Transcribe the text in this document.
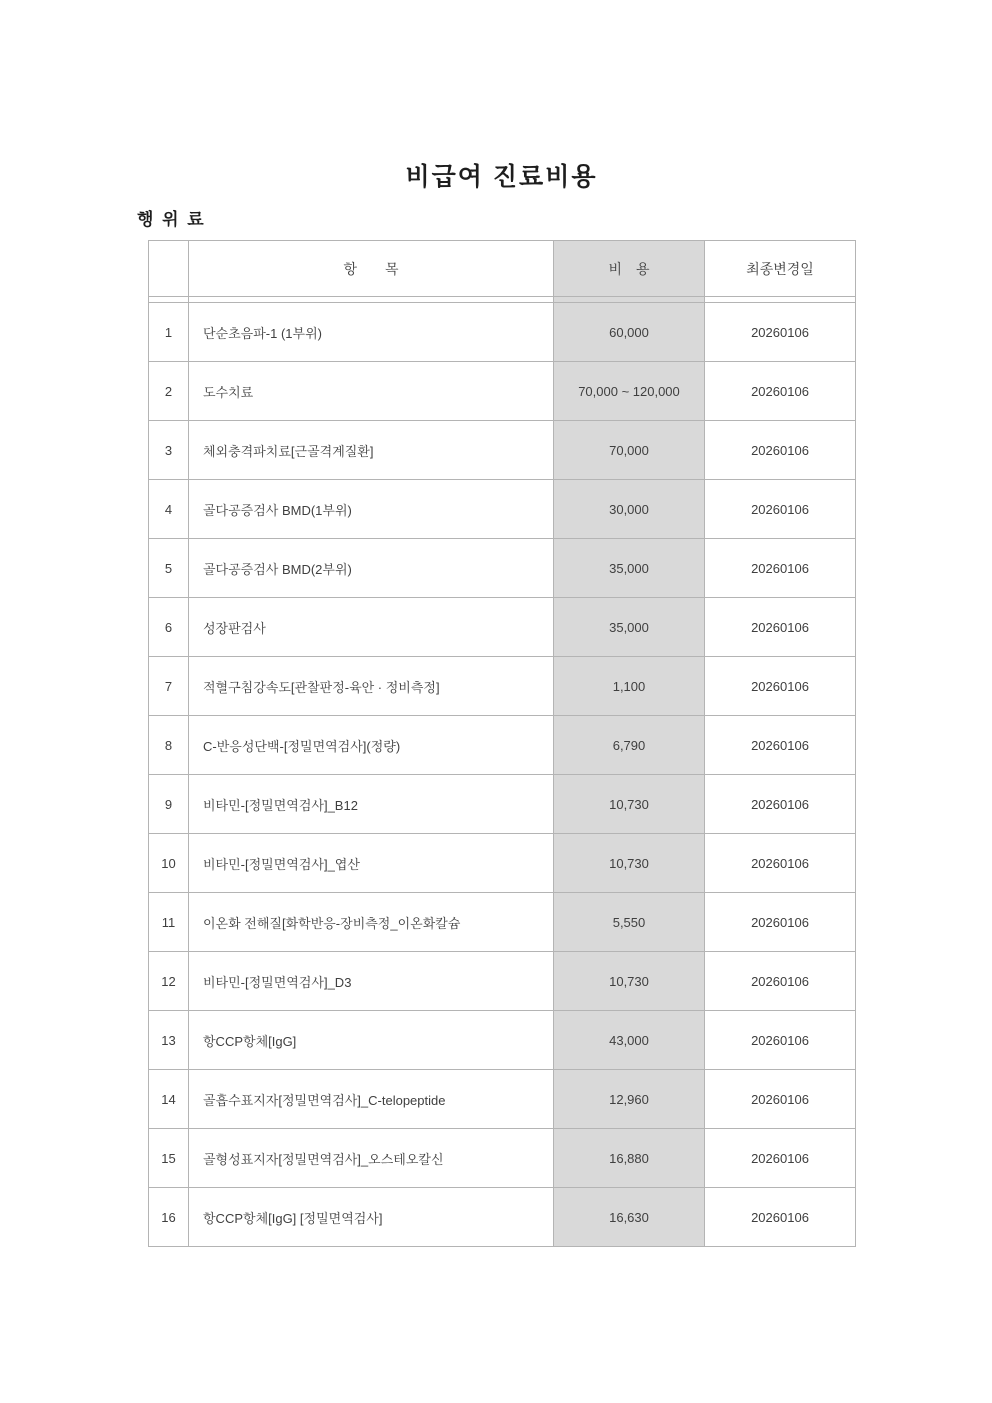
비급여 진료비용
행 위 료
	항　　목	비　용	최종변경일

1	단순초음파-1 (1부위)	60,000	20260106
2	도수치료	70,000 ~ 120,000	20260106
3	체외충격파치료[근골격계질환]	70,000	20260106
4	골다공증검사 BMD(1부위)	30,000	20260106
5	골다공증검사 BMD(2부위)	35,000	20260106
6	성장판검사	35,000	20260106
7	적혈구침강속도[관찰판정-육안 · 정비측정]	1,100	20260106
8	C-반응성단백-[정밀면역검사](정량)	6,790	20260106
9	비타민-[정밀면역검사]_B12	10,730	20260106
10	비타민-[정밀면역검사]_엽산	10,730	20260106
11	이온화 전해질[화학반응-장비측정_이온화칼슘	5,550	20260106
12	비타민-[정밀면역검사]_D3	10,730	20260106
13	항CCP항체[IgG]	43,000	20260106
14	골흡수표지자[정밀면역검사]_C-telopeptide	12,960	20260106
15	골형성표지자[정밀면역검사]_오스테오칼신	16,880	20260106
16	항CCP항체[IgG] [정밀면역검사]	16,630	20260106
